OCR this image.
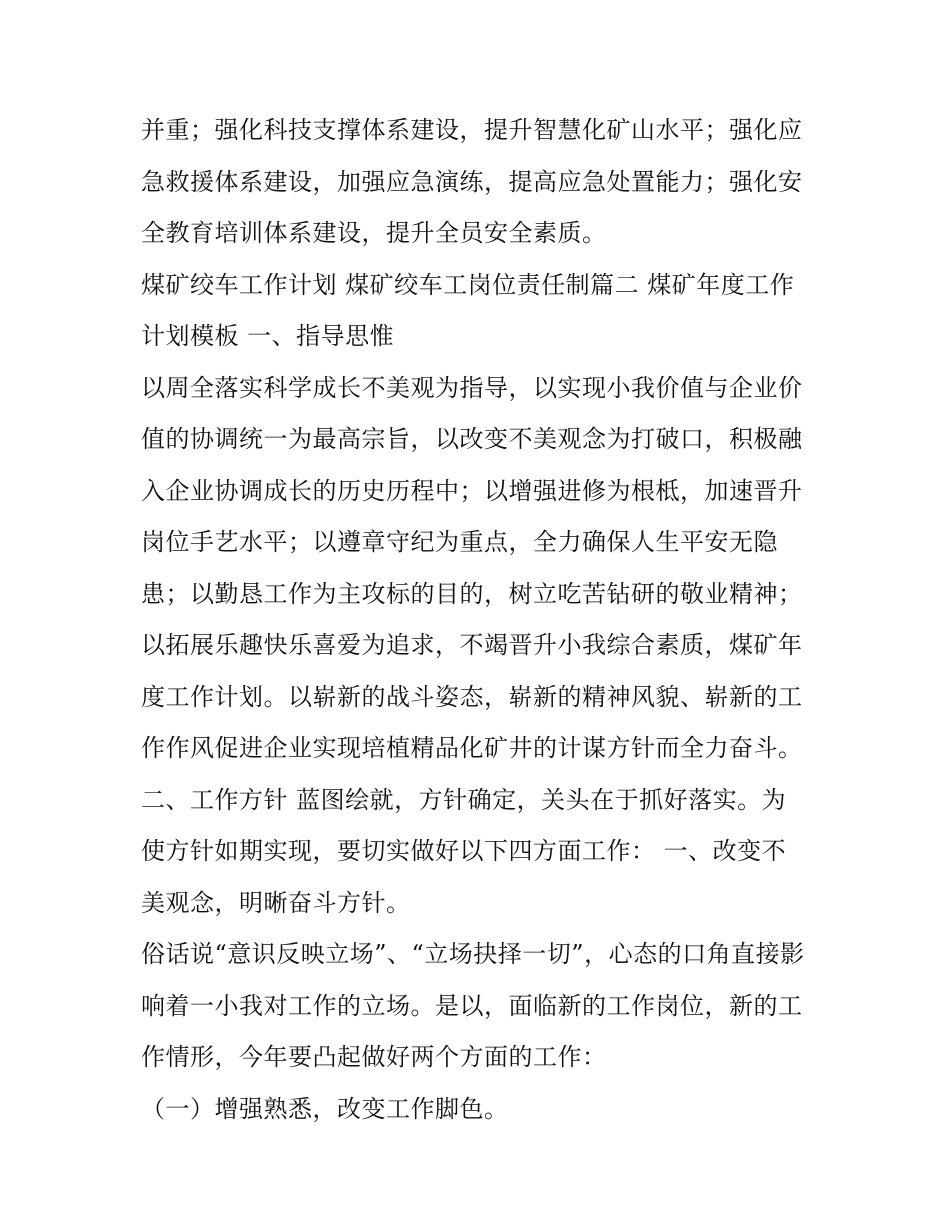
并重；强化科技支撑体系建设，提升智慧化矿山水平；强化应
急救援体系建设，加强应急演练，提高应急处置能力；强化安
全教育培训体系建设，提升全员安全素质。
煤矿绞车工作计划 煤矿绞车工岗位责任制篇二 煤矿年度工作
计划模板 一、指导思惟
以周全落实科学成长不美观为指导，以实现小我价值与企业价
值的协调统一为最高宗旨，以改变不美观念为打破口，积极融
入企业协调成长的历史历程中；以增强进修为根柢，加速晋升
岗位手艺水平；以遵章守纪为重点，全力确保人生平安无隐
患；以勤恳工作为主攻标的目的，树立吃苦钻研的敬业精神；
以拓展乐趣快乐喜爱为追求，不竭晋升小我综合素质，煤矿年
度工作计划。以崭新的战斗姿态，崭新的精神风貌、崭新的工
作作风促进企业实现培植精品化矿井的计谋方针而全力奋斗。
二、工作方针 蓝图绘就，方针确定，关头在于抓好落实。为
使方针如期实现，要切实做好以下四方面工作： 一、改变不
美观念，明晰奋斗方针。
俗话说“意识反映立场”、“立场抉择一切”，心态的口角直接影
响着一小我对工作的立场。是以，面临新的工作岗位，新的工
作情形，今年要凸起做好两个方面的工作：
（一）增强熟悉，改变工作脚色。
